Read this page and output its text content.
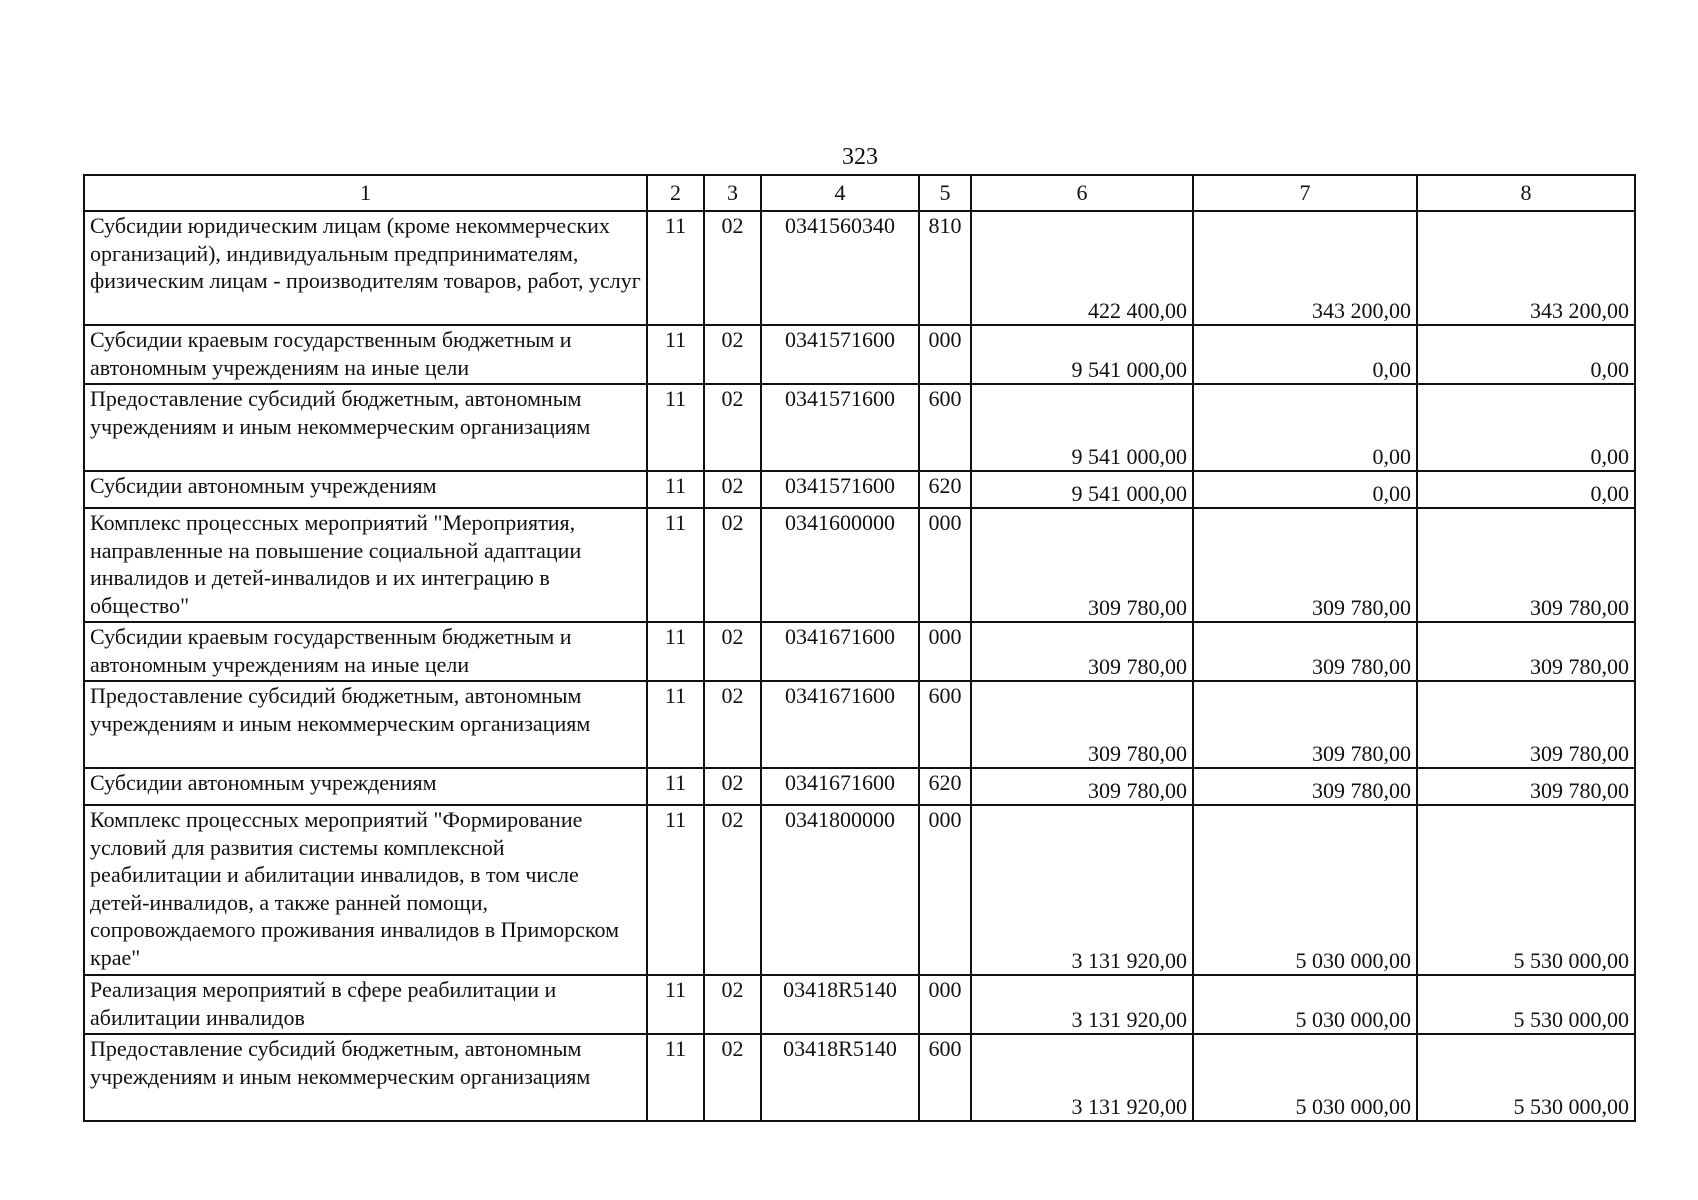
323
1	2	3	4	5	6	7	8
Субсидии юридическим лицам (кроме некоммерческих организаций), индивидуальным предпринимателям, физическим лицам - производителям товаров, работ, услуг	11	02	0341560340	810	422 400,00	343 200,00	343 200,00
Субсидии краевым государственным бюджетным и автономным учреждениям на иные цели	11	02	0341571600	000	9 541 000,00	0,00	0,00
Предоставление субсидий бюджетным, автономным учреждениям и иным некоммерческим организациям	11	02	0341571600	600	9 541 000,00	0,00	0,00
Субсидии автономным учреждениям	11	02	0341571600	620	9 541 000,00	0,00	0,00
Комплекс процессных мероприятий "Мероприятия, направленные на повышение социальной адаптации инвалидов и детей-инвалидов и их интеграцию в общество"	11	02	0341600000	000	309 780,00	309 780,00	309 780,00
Субсидии краевым государственным бюджетным и автономным учреждениям на иные цели	11	02	0341671600	000	309 780,00	309 780,00	309 780,00
Предоставление субсидий бюджетным, автономным учреждениям и иным некоммерческим организациям	11	02	0341671600	600	309 780,00	309 780,00	309 780,00
Субсидии автономным учреждениям	11	02	0341671600	620	309 780,00	309 780,00	309 780,00
Комплекс процессных мероприятий "Формирование условий для развития системы комплексной реабилитации и абилитации инвалидов, в том числе детей-инвалидов, а также ранней помощи, сопровождаемого проживания инвалидов в Приморском крае"	11	02	0341800000	000	3 131 920,00	5 030 000,00	5 530 000,00
Реализация мероприятий в сфере реабилитации и абилитации инвалидов	11	02	03418R5140	000	3 131 920,00	5 030 000,00	5 530 000,00
Предоставление субсидий бюджетным, автономным учреждениям и иным некоммерческим организациям	11	02	03418R5140	600	3 131 920,00	5 030 000,00	5 530 000,00
